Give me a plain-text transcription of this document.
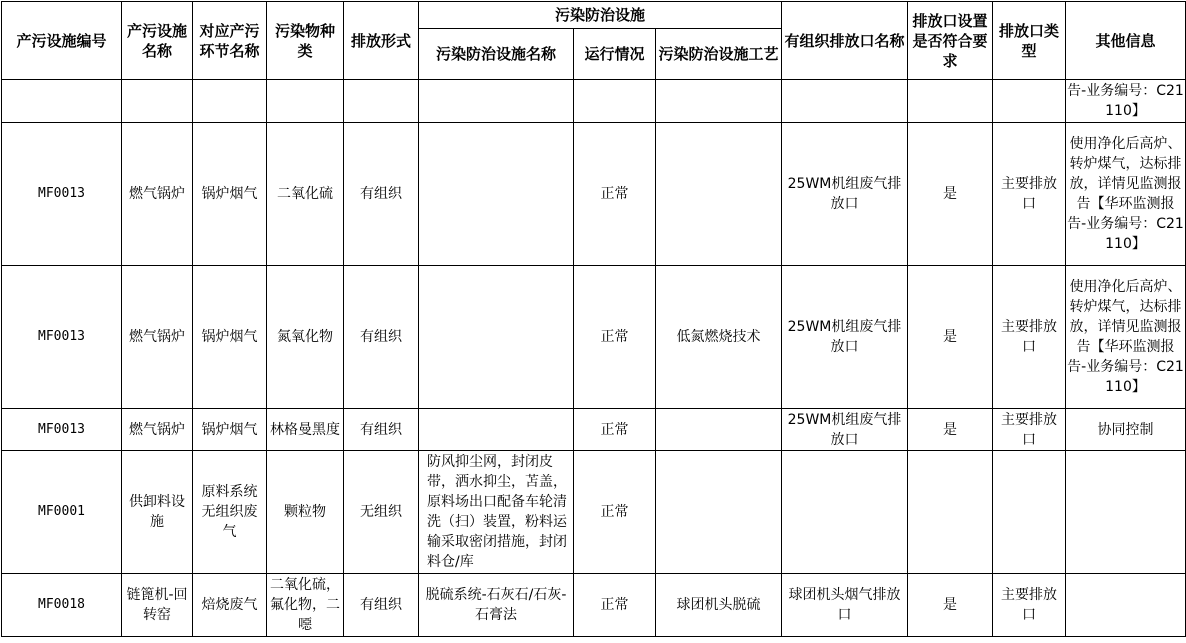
产污设施编号	产污设施名称	对应产污环节名称	污染物种类	排放形式	污染防治设施			有组织排放口名称	排放口设置是否符合要求	排放口类型	其他信息
					污染防治设施名称	运行情况	污染防治设施工艺				

											告-业务编号：C21110】

MF0013	燃气锅炉	锅炉烟气	二氧化硫	有组织		正常		25WM机组废气排放口	是	主要排放口	使用净化后高炉、转炉煤气，达标排放，详情见监测报告【华环监测报告-业务编号：C21110】
MF0013	燃气锅炉	锅炉烟气	氮氧化物	有组织		正常	低氮燃烧技术	25WM机组废气排放口	是	主要排放口	使用净化后高炉、转炉煤气，达标排放，详情见监测报告【华环监测报告-业务编号：C21110】
MF0013	燃气锅炉	锅炉烟气	林格曼黑度	有组织		正常		25WM机组废气排放口	是	主要排放口	协同控制
MF0001	供卸料设施	原料系统无组织废气	颗粒物	无组织	防风抑尘网，封闭皮带，洒水抑尘，苫盖，原料场出口配备车轮清洗（扫）装置，粉料运输采取密闭措施，封闭料仓/库	正常					
MF0018	链篦机-回转窑	焙烧废气	二氧化硫，氟化物，二噁	有组织	脱硫系统-石灰石/石灰-石膏法	正常	球团机头脱硫	球团机头烟气排放口	是	主要排放口	
